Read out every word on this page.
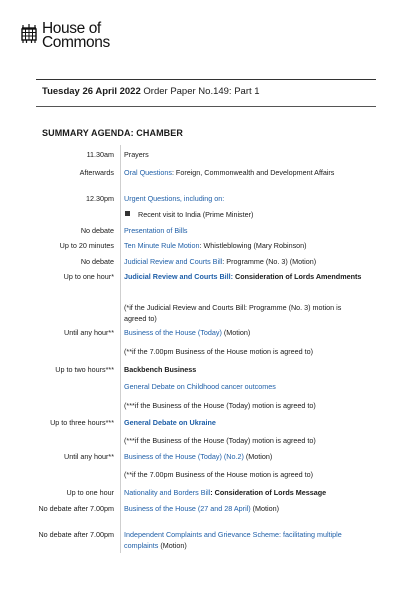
House of
Commons
Tuesday 26 April 2022 Order Paper No.149: Part 1
SUMMARY AGENDA: CHAMBER
11.30am Prayers
Afterwards Oral Questions: Foreign, Commonwealth and Development Affairs
12.30pm Urgent Questions, including on:
Recent visit to India (Prime Minister)
No debate Presentation of Bills
Up to 20 minutes Ten Minute Rule Motion: Whistleblowing (Mary Robinson)
No debate Judicial Review and Courts Bill: Programme (No. 3) (Motion)
Up to one hour* Judicial Review and Courts Bill: Consideration of Lords Amendments
(*if the Judicial Review and Courts Bill: Programme (No. 3) motion is agreed to)
Until any hour** Business of the House (Today) (Motion)
(**if the 7.00pm Business of the House motion is agreed to)
Up to two hours*** Backbench Business
General Debate on Childhood cancer outcomes
(***if the Business of the House (Today) motion is agreed to)
Up to three hours*** General Debate on Ukraine
(***if the Business of the House (Today) motion is agreed to)
Until any hour** Business of the House (Today) (No.2) (Motion)
(**if the 7.00pm Business of the House motion is agreed to)
Up to one hour Nationality and Borders Bill: Consideration of Lords Message
No debate after 7.00pm Business of the House (27 and 28 April) (Motion)
No debate after 7.00pm Independent Complaints and Grievance Scheme: facilitating multiple complaints (Motion)
